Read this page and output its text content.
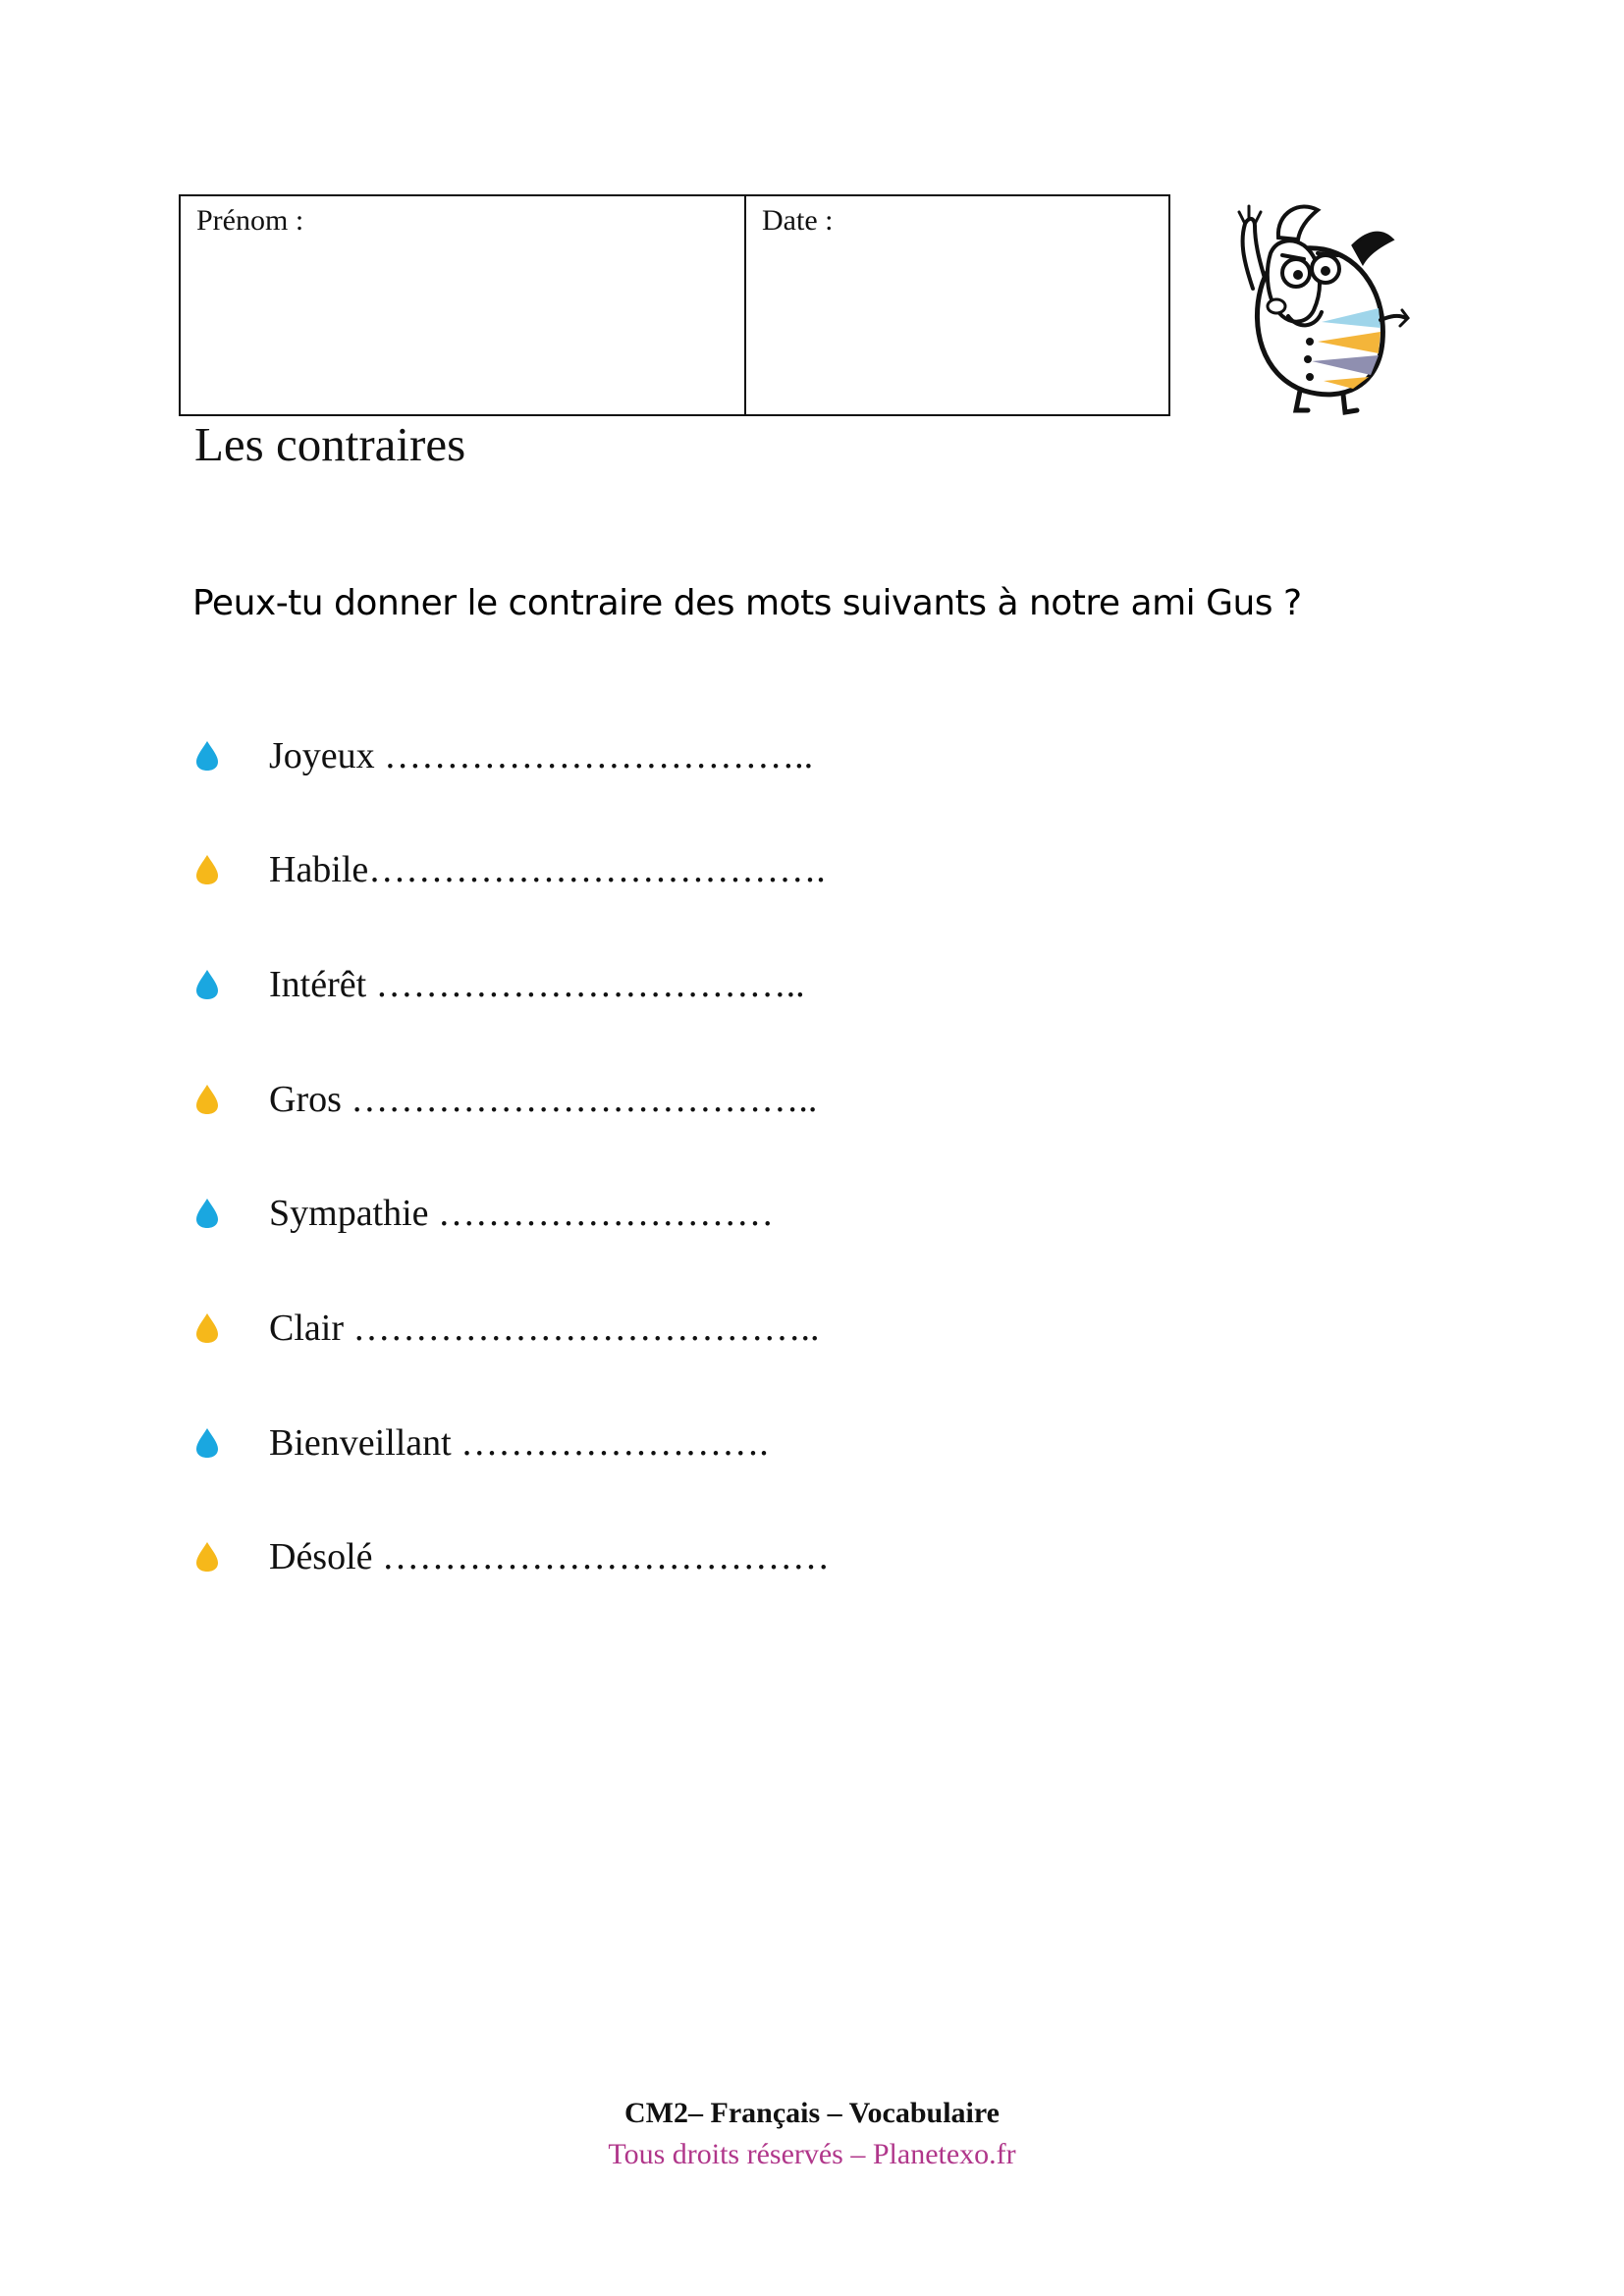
Prénom :	Date :
Les contraires
Peux-tu donner le contraire des mots suivants à notre ami Gus ?
Joyeux ……………………………..
Habile……………………………….
Intérêt ……………………………..
Gros ………………………………..
Sympathie ………………………
Clair ………………………………..
Bienveillant …………………….
Désolé ………………………………
CM2– Français – Vocabulaire
Tous droits réservés – Planetexo.fr
